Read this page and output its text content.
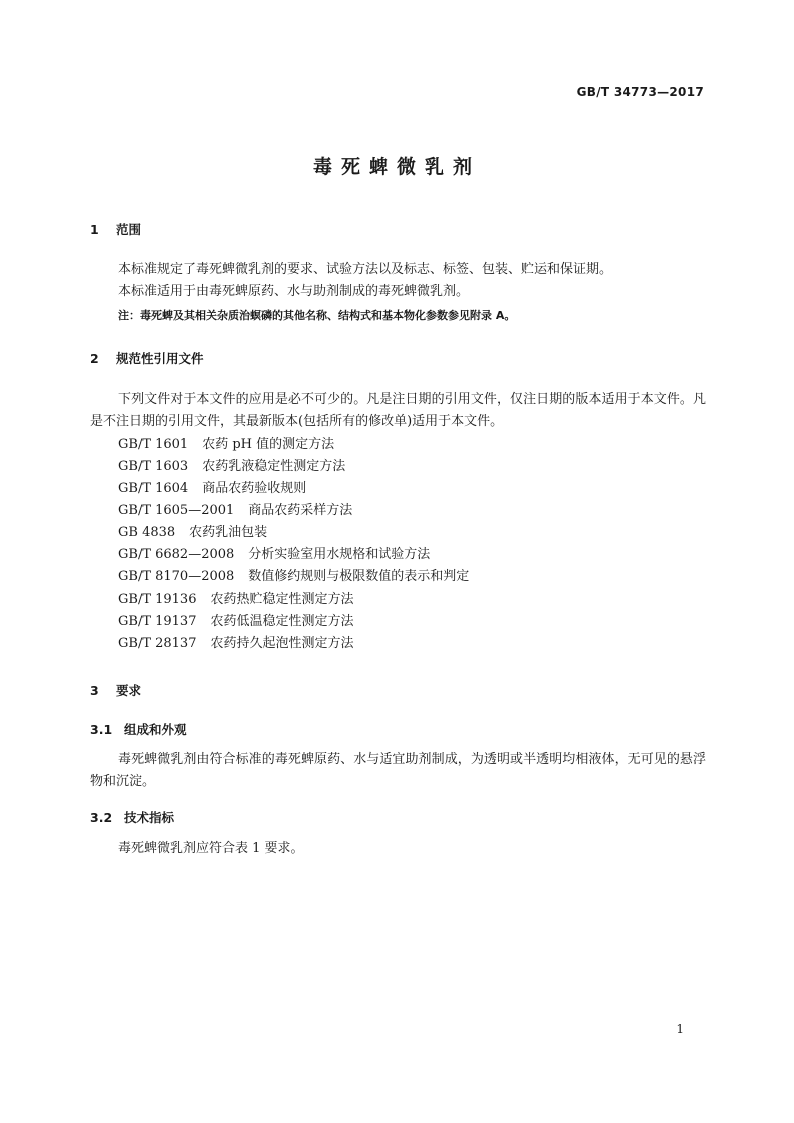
GB/T 34773—2017
毒死蜱微乳剂
1 范围
本标准规定了毒死蜱微乳剂的要求、试验方法以及标志、标签、包装、贮运和保证期。
本标准适用于由毒死蜱原药、水与助剂制成的毒死蜱微乳剂。
注：毒死蜱及其相关杂质治螟磷的其他名称、结构式和基本物化参数参见附录 A。
2 规范性引用文件
下列文件对于本文件的应用是必不可少的。凡是注日期的引用文件，仅注日期的版本适用于本文件。凡是不注日期的引用文件，其最新版本(包括所有的修改单)适用于本文件。
GB/T 1601 农药 pH 值的测定方法
GB/T 1603 农药乳液稳定性测定方法
GB/T 1604 商品农药验收规则
GB/T 1605—2001 商品农药采样方法
GB 4838 农药乳油包装
GB/T 6682—2008 分析实验室用水规格和试验方法
GB/T 8170—2008 数值修约规则与极限数值的表示和判定
GB/T 19136 农药热贮稳定性测定方法
GB/T 19137 农药低温稳定性测定方法
GB/T 28137 农药持久起泡性测定方法
3 要求
3.1 组成和外观
毒死蜱微乳剂由符合标准的毒死蜱原药、水与适宜助剂制成，为透明或半透明均相液体，无可见的悬浮物和沉淀。
3.2 技术指标
毒死蜱微乳剂应符合表 1 要求。
1
